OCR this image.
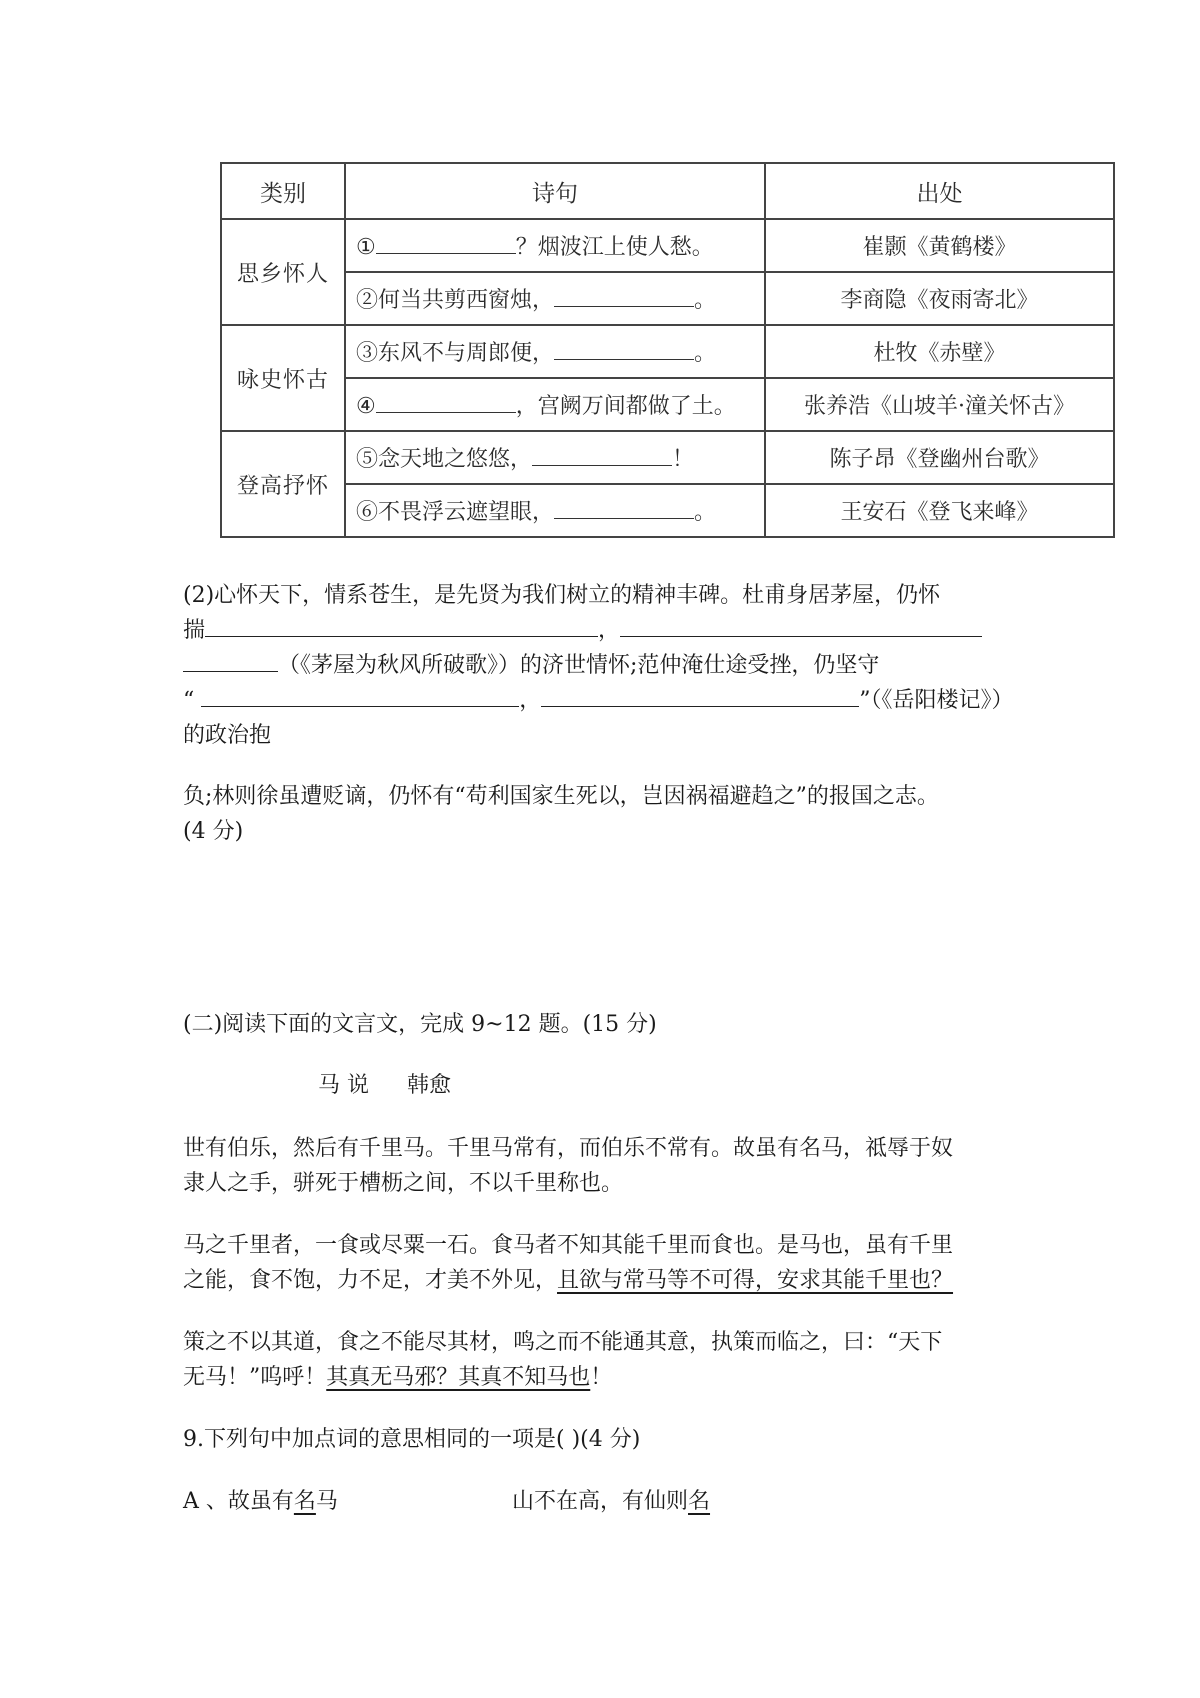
类别	诗句	出处
思乡怀人	① ？烟波江上使人愁。	崔颢《黄鹤楼》
	②何当共剪西窗烛， 。	李商隐《夜雨寄北》
咏史怀古	③东风不与周郎便， 。	杜牧《赤壁》
	④ ，宫阙万间都做了土。	张养浩《山坡羊·潼关怀古》
登高抒怀	⑤念天地之悠悠， ！	陈子昂《登幽州台歌》
	⑥不畏浮云遮望眼， 。	王安石《登飞来峰》

(2)心怀天下，情系苍生，是先贤为我们树立的精神丰碑。杜甫身居茅屋，仍怀

揣	，

（《茅屋为秋风所破歌》）的济世情怀;范仲淹仕途受挫，仍坚守

“	，	”（《岳阳楼记》）

的政治抱

负;林则徐虽遭贬谪，仍怀有“苟利国家生死以，岂因祸福避趋之”的报国之志。

(4 分)

(二)阅读下面的文言文，完成 9~12 题。(15 分)

马 说 韩愈

世有伯乐，然后有千里马。千里马常有，而伯乐不常有。故虽有名马，祗辱于奴

隶人之手，骈死于槽枥之间，不以千里称也。

马之千里者，一食或尽粟一石。食马者不知其能千里而食也。是马也，虽有千里

之能，食不饱，力不足，才美不外见，且欲与常马等不可得，安求其能千里也？

策之不以其道，食之不能尽其材，鸣之而不能通其意，执策而临之，曰：“天下

无马！”呜呼！其真无马邪？其真不知马也！

9.下列句中加点词的意思相同的一项是( )(4 分)

A 、故虽有名马	山不在高，有仙则名
